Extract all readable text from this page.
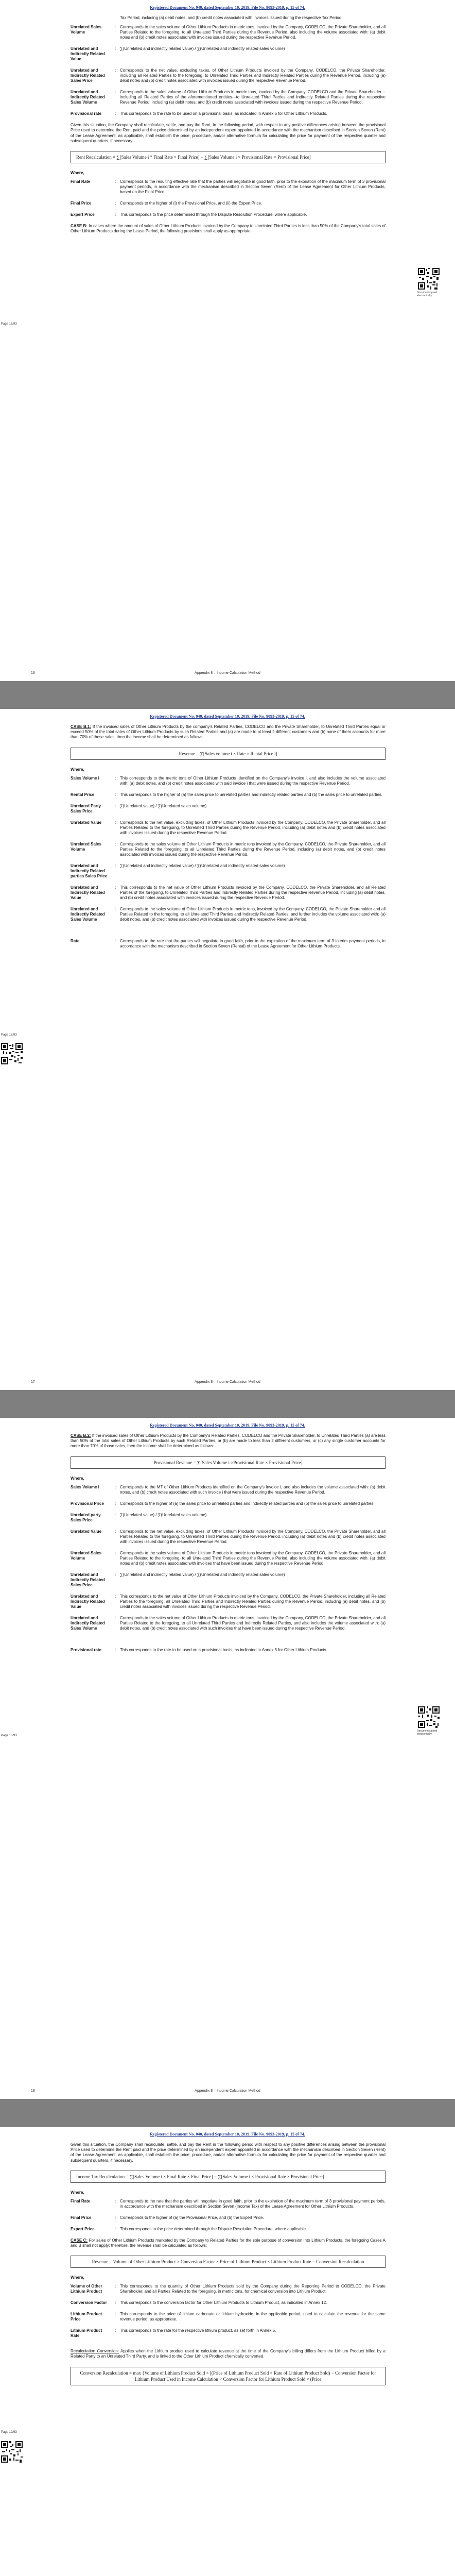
Registered Document No. 040, dated September 10, 2019. File No. 9093-2019, p. 15 of 74.

Tax Period, including (a) debit notes, and (b) credit notes associated with invoices issued during the respective Tax Period.

Unrelated Sales Volume
: Corresponds to the sales volume of Other Lithium Products in metric tons, invoiced by the Company, CODELCO, the Private Shareholder, and all Parties Related to the foregoing, to all Unrelated Third Parties during the Revenue Period, also including the volume associated with: (a) debit notes and (b) credit notes associated with invoices issued during the respective Revenue Period.
Unrelated and Indirectly Related Value
: ∑(Unrelated and indirectly related value) / ∑(Unrelated and indirectly related sales volume)
Unrelated and Indirectly Related Sales Price
: Corresponds to the net value, excluding taxes, of Other Lithium Products invoiced by the Company, CODELCO, the Private Shareholder, including all Related Parties to the foregoing, to Unrelated Third Parties and Indirectly Related Parties during the Revenue Period, including (a) debit notes and (b) credit notes associated with invoices issued during the respective Revenue Period.
Unrelated and Indirectly Related Sales Volume
: Corresponds to the sales volume of Other Lithium Products in metric tons, invoiced by the Company, CODELCO and the Private Shareholder—including all Related Parties of the aforementioned entities—to Unrelated Third Parties and Indirectly Related Parties during the respective Revenue Period, including (a) debit notes, and (b) credit notes associated with invoices issued during the respective Revenue Period.
Provisional rate	: This corresponds to the rate to be used on a provisional basis, as indicated in Annex 5 for Other Lithium Products.

Given this situation, the Company shall recalculate, settle, and pay the Rent, in the following period, with respect to any positive differences arising between the provisional Price used to determine the Rent paid and the price determined by an independent expert appointed in accordance with the mechanism described in Section Seven (Rent) of the Lease Agreement; as applicable, shall establish the price, procedure, and/or alternative formula for calculating the price for payment of the respective quarter and subsequent quarters, if necessary.

Rent Recalculation = ∑[Sales Volume i * Final Rate × Final Price] − ∑[Sales Volume i × Provisional Rate × Provisional Price]
Where,
Final Rate	: Corresponds to the resulting effective rate that the parties will negotiate in good faith, prior to the expiration of the maximum term of 3 provisional payment periods, in accordance with the mechanism described in Section Seven (Rent) of the Lease Agreement for Other Lithium Products, based on the Final Price.
Final Price	: Corresponds to the higher of (i) the Provisional Price, and (ii) the Expert Price.
Expert Price	: This corresponds to the price determined through the Dispute Resolution Procedure, where applicable.

CASE B: In cases where the amount of sales of Other Lithium Products invoiced by the Company to Unrelated Third Parties is less than 50% of the Company's total sales of Other Lithium Products during the Lease Period, the following provisions shall apply as appropriate.

Page 16/93
Document signed electronically
16	Appendix 8 – Income Calculation Method
Registered Document No. 040, dated September 10, 2019. File No. 9093-2019, p. 15 of 74.

CASE B.1: If the invoiced sales of Other Lithium Products by the company's Related Parties, CODELCO and the Private Shareholder, to Unrelated Third Parties equal or exceed 50% of the total sales of Other Lithium Products by such Related Parties and (a) are made to at least 2 different customers and (b) none of them accounts for more than 70% of those sales, then the income shall be determined as follows:

Revenue = ∑[Sales volume i × Rate × Rental Price i]
Where,
Sales Volume i	: This corresponds to the metric tons of Other Lithium Products identified on the Company's invoice i, and also includes the volume associated with: (a) debit notes, and (b) credit notes associated with said invoice i that were issued during the respective Revenue Period.
Rental Price	: This corresponds to the higher of (a) the sales price to unrelated parties and indirectly related parties and (b) the sales price to unrelated parties.
Unrelated Party Sales Price
: ∑(Unrelated value) / ∑(Unrelated sales volume)
Unrelated Value	: Corresponds to the net value, excluding taxes, of Other Lithium Products invoiced by the Company, CODELCO, the Private Shareholder, and all Parties Related to the foregoing, to Unrelated Third Parties during the Revenue Period, including (a) debit notes and (b) credit notes associated with invoices issued during the respective Revenue Period.
Unrelated Sales Volume
: Corresponds to the sales volume of Other Lithium Products in metric tons invoiced by the Company, CODELCO, the Private Shareholder, and all Parties Related to the foregoing, to all Unrelated Third Parties during the Revenue Period, including (a) debit notes, and (b) credit notes associated with invoices issued during the respective Revenue Period.
Unrelated and Indirectly Related parties Sales Price
: ∑(Unrelated and indirectly related value) / ∑(Unrelated and indirectly related sales volume)
Unrelated and Indirectly Related Value
: This corresponds to the net value of Other Lithium Products invoiced by the Company, CODELCO, the Private Shareholder, and all Related Parties of the foregoing, to Unrelated Third Parties and Indirectly Related Parties during the respective Revenue Period, including (a) debit notes, and (b) credit notes associated with invoices issued during the respective Revenue Period.
Unrelated and Indirectly Related Sales Volume
: Corresponds to the sales volume of Other Lithium Products in metric tons, invoiced by the Company, CODELCO, the Private Shareholder and all Parties Related to the foregoing, to all Unrelated Third Parties and Indirectly Related Parties, and further includes the volume associated with: (a) debit notes, and (b) credit notes associated with invoices issued during the respective Revenue Period.
Rate	: Corresponds to the rate that the parties will negotiate in good faith, prior to the expiration of the maximum term of 3 interim payment periods, in accordance with the mechanism described in Section Seven (Rental) of the Lease Agreement for Other Lithium Products.
Page 17/93
17	Appendix 8 – Income Calculation Method
Registered Document No. 040, dated September 10, 2019. File No. 9093-2019, p. 15 of 74.

CASE B.2: If the invoiced sales of Other Lithium Products by the Company's Related Parties, CODELCO and the Private Shareholder, to Unrelated Third Parties (a) are less than 50% of the total sales of Other Lithium Products by such Related Parties, or (b) are made to less than 2 different customers, or (c) any single customer accounts for more than 70% of those sales, then the income shall be determined as follows:

Provisional Revenue = ∑[Sales Volume i ×Provisional Rate × Provisional Price]
Where,
Sales Volume i	: Corresponds to the MT of Other Lithium Products identified on the Company's invoice i, and also includes the volume associated with: (a) debit notes, and (b) credit notes associated with such invoice i that were issued during the respective Revenue Period.
Provisional Price	: Corresponds to the higher of (a) the sales price to unrelated parties and indirectly related parties and (b) the sales price to unrelated parties.
Unrelated party Sales Price
: ∑(Unrelated value) / ∑(Unrelated sales volume)
Unrelated Value	: Corresponds to the net value, excluding taxes, of Other Lithium Products invoiced by the Company, CODELCO, the Private Shareholder, and all Parties Related to the foregoing, to Unrelated Third Parties during the Revenue Period, including (a) debit notes and (b) credit notes associated with invoices issued during the respective Revenue Period.
Unrelated Sales Volume
: Corresponds to the sales volume of Other Lithium Products in metric tons invoiced by the Company, CODELCO, the Private Shareholder, and all Parties Related to the foregoing, to all Unrelated Third Parties during the Revenue Period, also including the volume associated with: (a) debit notes and (b) credit notes associated with invoices that have been issued during the respective Revenue Period.
Unrelated and Indirectly Related Sales Price
: ∑(Unrelated and indirectly related value) / ∑(Unrelated and indirectly related sales volume)
Unrelated and Indirectly Related Value
: This corresponds to the net value of Other Lithium Products invoiced by the Company, CODELCO, the Private Shareholder, including all Related Parties to the foregoing, all Unrelated Third Parties and Indirectly Related Parties during the Revenue Period, including (a) debit notes, and (b) credit notes associated with invoices issued during the respective Revenue Period.
Unrelated and Indirectly Related Sales Volume
: Corresponds to the sales volume of Other Lithium Products in metric tons, invoiced by the Company, CODELCO, the Private Shareholder, and all Parties Related to the foregoing, to all Unrelated Third Parties and Indirectly Related Parties, and also includes the volume associated with: (a) debit notes, and (b) credit notes associated with such invoices that have been issued during the respective Revenue Period.
Provisional rate	: This corresponds to the rate to be used on a provisional basis, as indicated in Annex 5 for Other Lithium Products.
Page 18/93
Document signed electronically
18	Appendix 8 – Income Calculation Method
Registered Document No. 040, dated September 10, 2019. File No. 9093-2019, p. 15 of 74.

Given this situation, the Company shall recalculate, settle, and pay the Rent in the following period with respect to any positive differences arising between the provisional Price used to determine the Rent paid and the price determined by an independent expert appointed in accordance with the mechanism described in Section Seven (Rent) of the Lease Agreement; as applicable, shall establish the price, procedure, and/or alternative formula for calculating the price for payment of the respective quarter and subsequent quarters, if necessary.

Income Tax Recalculation = ∑[Sales Volume i × Final Rate × Final Price] − ∑[Sales Volume i × Provisional Rate × Provisional Price]
Where,
Final Rate	: Corresponds to the rate that the parties will negotiate in good faith, prior to the expiration of the maximum term of 3 provisional payment periods, in accordance with the mechanism described in Section Seven (Income Tax) of the Lease Agreement for Other Lithium Products.
Final Price	: Corresponds to the higher of (a) the Provisional Price, and (b) the Expert Price.
Expert Price	: This corresponds to the price determined through the Dispute Resolution Procedure, where applicable.

CASE C: For sales of Other Lithium Products marketed by the Company to Related Parties for the sole purpose of conversion into Lithium Products, the foregoing Cases A and B shall not apply; therefore, the revenue shall be calculated as follows:

Revenue = Volume of Other Lithium Product × Conversion Factor × Price of Lithium Product × Lithium Product Rate − Conversion Recalculation
Where,
Volume of Other Lithium Product
: This corresponds to the quantity of Other Lithium Products sold by the Company during the Reporting Period to CODELCO, the Private Shareholder, and all Parties Related to the foregoing, in metric tons, for chemical conversion into Lithium Product.
Conversion Factor	: This corresponds to the conversion factor for Other Lithium Products to Lithium Product, as indicated in Annex 12.
Lithium Product Price
: This corresponds to the price of lithium carbonate or lithium hydroxide, in the applicable period, used to calculate the revenue for the same revenue period, as appropriate.
Lithium Product Rate
: This corresponds to the rate for the respective lithium product, as set forth in Annex 5.

Recalculation Conversion: Applies when the Lithium product used to calculate revenue at the time of the Company's billing differs from the Lithium Product billed by a Related Party to an Unrelated Third Party, and is linked to the Other Lithium Product chemically converted.

Conversion Recalculation = max {Volume of Lithium Product Sold × [(Price of Lithium Product Sold × Rate of Lithium Product Sold) − Conversion Factor for Lithium Product Used in Income Calculation × Conversion Factor for Lithium Product Sold × (Price
Page 19/93
